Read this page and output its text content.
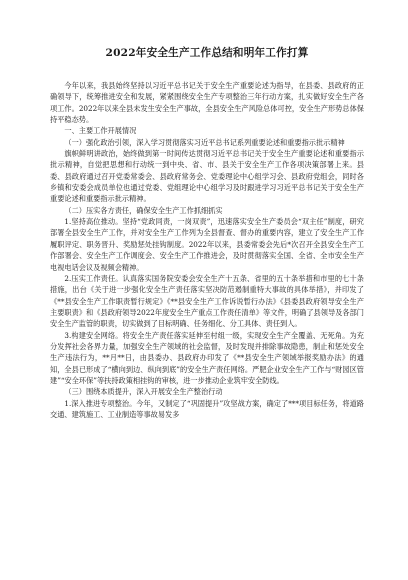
2022年安全生产工作总结和明年工作打算

今年以来，我县始终坚持以习近平总书记关于安全生产重要论述为指导，在县委、县政府的正确领导下，统筹推进安全和发展，紧紧围绕安全生产专项整治三年行动方案，扎实做好安全生产各项工作。2022年以来全县未发生安全生产事故，全县安全生产风险总体可控，安全生产形势总体保持平稳态势。

一、主要工作开展情况

（一）强化政治引领，深入学习贯彻落实习近平总书记系列重要论述和重要指示批示精神

旗帜鲜明讲政治，始终做到第一时间传达贯彻习近平总书记关于安全生产重要论述和重要指示批示精神，自觉把思想和行动统一到中央、省、市、县关于安全生产工作各项决策部署上来。县委、县政府通过召开党委常委会、县政府常务会、党委理论中心组学习会、县政府党组会，同时各乡镇和安委会成员单位也通过党委、党组理论中心组学习及时跟进学习习近平总书记关于安全生产重要论述和重要指示批示精神。

（二）压实各方责任，确保安全生产工作抓细抓实

1.坚持高位推动。坚持“党政同责，一岗双责”，迅速落实安全生产委员会“双主任”制度，研究部署全县安全生产工作，并对安全生产工作列为全县督查、督办的重要内容，建立了安全生产工作履职评定、职务晋升、奖励惩处挂钩制度。2022年以来，县委常委会先后*次召开全县安全生产工作部署会、安全生产工作调度会、安全生产工作推进会，及时贯彻落实全国、全省、全市安全生产电视电话会议及视频会精神。

2.压实工作责任。认真落实国务院安委会安全生产十五条、省里的五十条举措和市里的七十条措施，出台《关于进一步强化安全生产责任落实坚决防范遏制重特大事故的具体举措》，并印发了《**县安全生产工作职责暂行规定》《**县安全生产工作诉说暂行办法》《县委县政府领导安全生产主要职责》和《县政府领导2022年度安全生产重点工作责任清单》等文件，明确了县领导及各部门安全生产监管的职责，切实做到了目标明确、任务细化、分工具体、责任到人。

3.构建安全网络。将安全生产责任落实延伸至村组一级，实现安全生产全覆盖、无死角。为充分发挥社会各界力量，加强安全生产领域的社会监督，及时发现并排除事故隐患，制止和惩处安全生产违法行为，**月**日，由县委办、县政府办印发了《**县安全生产领域举报奖励办法》的通知，全县已形成了“横向到边、纵向到底”的安全生产责任网络。严肥企业安全生产工作与“财园区管建”“安全环保”等扶持政策相挂钩的审核，进一步推动企业筑牢安全防线。

（三）围绕本质提升，深入开展安全生产整治行动

1.深入推进专项整治。今年，又制定了“巩固提升”攻坚战方案，确定了***项目标任务，将道路交通、建筑施工、工业制造等事故易发多
